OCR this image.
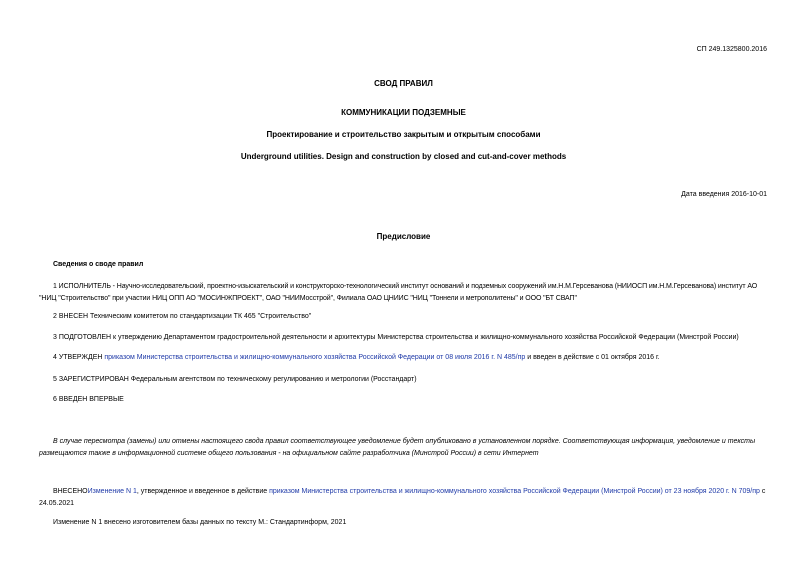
СП 249.1325800.2016
СВОД ПРАВИЛ
КОММУНИКАЦИИ ПОДЗЕМНЫЕ
Проектирование и строительство закрытым и открытым способами
Underground utilities. Design and construction by closed and cut-and-cover methods
Дата введения 2016-10-01
Предисловие
Сведения о своде правил
1 ИСПОЛНИТЕЛЬ - Научно-исследовательский, проектно-изыскательский и конструкторско-технологический институт оснований и подземных сооружений им.Н.М.Герсеванова (НИИОСП им.Н.М.Герсеванова) институт АО "НИЦ "Строительство" при участии НИЦ ОПП АО "МОСИНЖПРОЕКТ", ОАО "НИИМосстрой", Филиала ОАО ЦНИИС "НИЦ "Тоннели и метрополитены" и ООО "БТ СВАП"
2 ВНЕСЕН Техническим комитетом по стандартизации ТК 465 "Строительство"
3 ПОДГОТОВЛЕН к утверждению Департаментом градостроительной деятельности и архитектуры Министерства строительства и жилищно-коммунального хозяйства Российской Федерации (Минстрой России)
4 УТВЕРЖДЕН приказом Министерства строительства и жилищно-коммунального хозяйства Российской Федерации от 08 июля 2016 г. N 485/пр и введен в действие с 01 октября 2016 г.
5 ЗАРЕГИСТРИРОВАН Федеральным агентством по техническому регулированию и метрологии (Росстандарт)
6 ВВЕДЕН ВПЕРВЫЕ
В случае пересмотра (замены) или отмены настоящего свода правил соответствующее уведомление будет опубликовано в установленном порядке. Соответствующая информация, уведомление и тексты размещаются также в информационной системе общего пользования - на официальном сайте разработчика (Минстрой России) в сети Интернет
ВНЕСЕНОИзменение N 1, утвержденное и введенное в действие приказом Министерства строительства и жилищно-коммунального хозяйства Российской Федерации (Минстрой России) от 23 ноября 2020 г. N 709/пр с 24.05.2021
Изменение N 1 внесено изготовителем базы данных по тексту М.: Стандартинформ, 2021
